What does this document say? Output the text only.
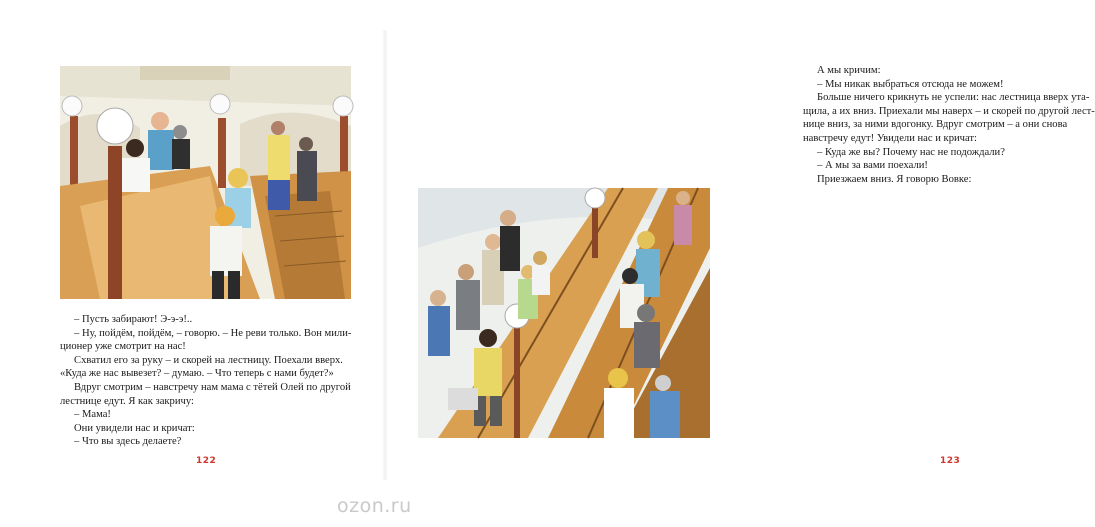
– Пусть забирают! Э-э-э!..

– Ну, пойдём, пойдём, – говорю. – Не реви только. Вон мили-

ционер уже смотрит на нас!

Схватил его за руку – и скорей на лестницу. Поехали вверх.

«Куда же нас вывезет? – думаю. – Что теперь с нами будет?»

Вдруг смотрим – навстречу нам мама с тётей Олей по другой

лестнице едут. Я как закричу:

– Мама!

Они увидели нас и кричат:

– Что вы здесь делаете?

122

А мы кричим:

– Мы никак выбраться отсюда не можем!

Больше ничего крикнуть не успели: нас лестница вверх ута-

щила, а их вниз. Приехали мы наверх – и скорей по другой лест-

нице вниз, за ними вдогонку. Вдруг смотрим – а они снова

навстречу едут! Увидели нас и кричат:

– Куда же вы? Почему нас не подождали?

– А мы за вами поехали!

Приезжаем вниз. Я говорю Вовке:

123
ozon.ru
